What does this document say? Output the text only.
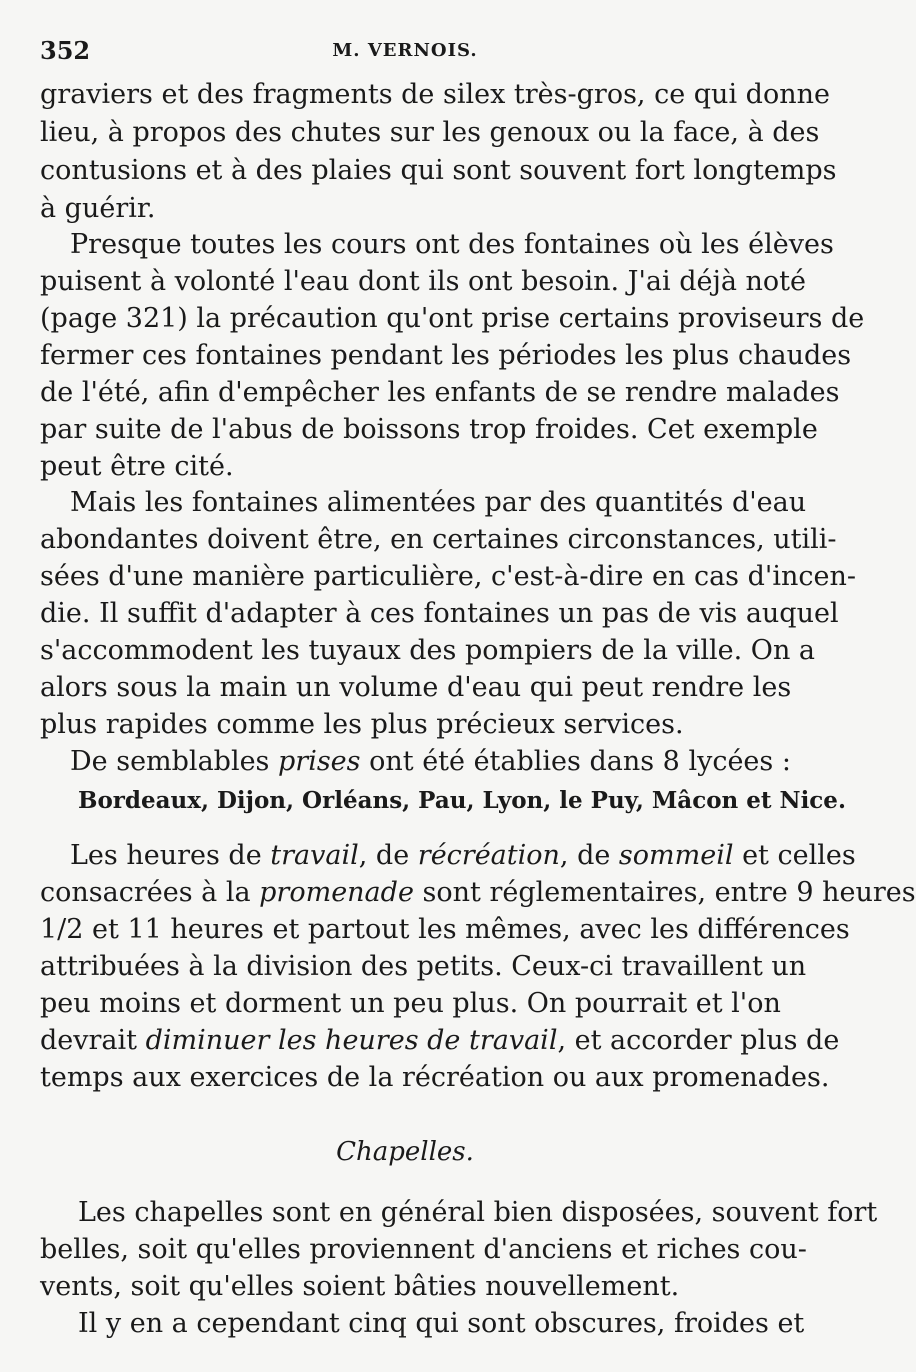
352	M. VERNOIS.
graviers et des fragments de silex très-gros, ce qui donne
lieu, à propos des chutes sur les genoux ou la face, à des
contusions et à des plaies qui sont souvent fort longtemps
à guérir.
Presque toutes les cours ont des fontaines où les élèves
puisent à volonté l'eau dont ils ont besoin. J'ai déjà noté
(page 321) la précaution qu'ont prise certains proviseurs de
fermer ces fontaines pendant les périodes les plus chaudes
de l'été, afin d'empêcher les enfants de se rendre malades
par suite de l'abus de boissons trop froides. Cet exemple
peut être cité.
Mais les fontaines alimentées par des quantités d'eau
abondantes doivent être, en certaines circonstances, utili-
sées d'une manière particulière, c'est-à-dire en cas d'incen-
die. Il suffit d'adapter à ces fontaines un pas de vis auquel
s'accommodent les tuyaux des pompiers de la ville. On a
alors sous la main un volume d'eau qui peut rendre les
plus rapides comme les plus précieux services.
De semblables prises ont été établies dans 8 lycées :
Bordeaux, Dijon, Orléans, Pau, Lyon, le Puy, Mâcon et Nice.
Les heures de travail, de récréation, de sommeil et celles
consacrées à la promenade sont réglementaires, entre 9 heures
1/2 et 11 heures et partout les mêmes, avec les différences
attribuées à la division des petits. Ceux-ci travaillent un
peu moins et dorment un peu plus. On pourrait et l'on
devrait diminuer les heures de travail, et accorder plus de
temps aux exercices de la récréation ou aux promenades.
Chapelles.
Les chapelles sont en général bien disposées, souvent fort
belles, soit qu'elles proviennent d'anciens et riches cou-
vents, soit qu'elles soient bâties nouvellement.
Il y en a cependant cinq qui sont obscures, froides et
